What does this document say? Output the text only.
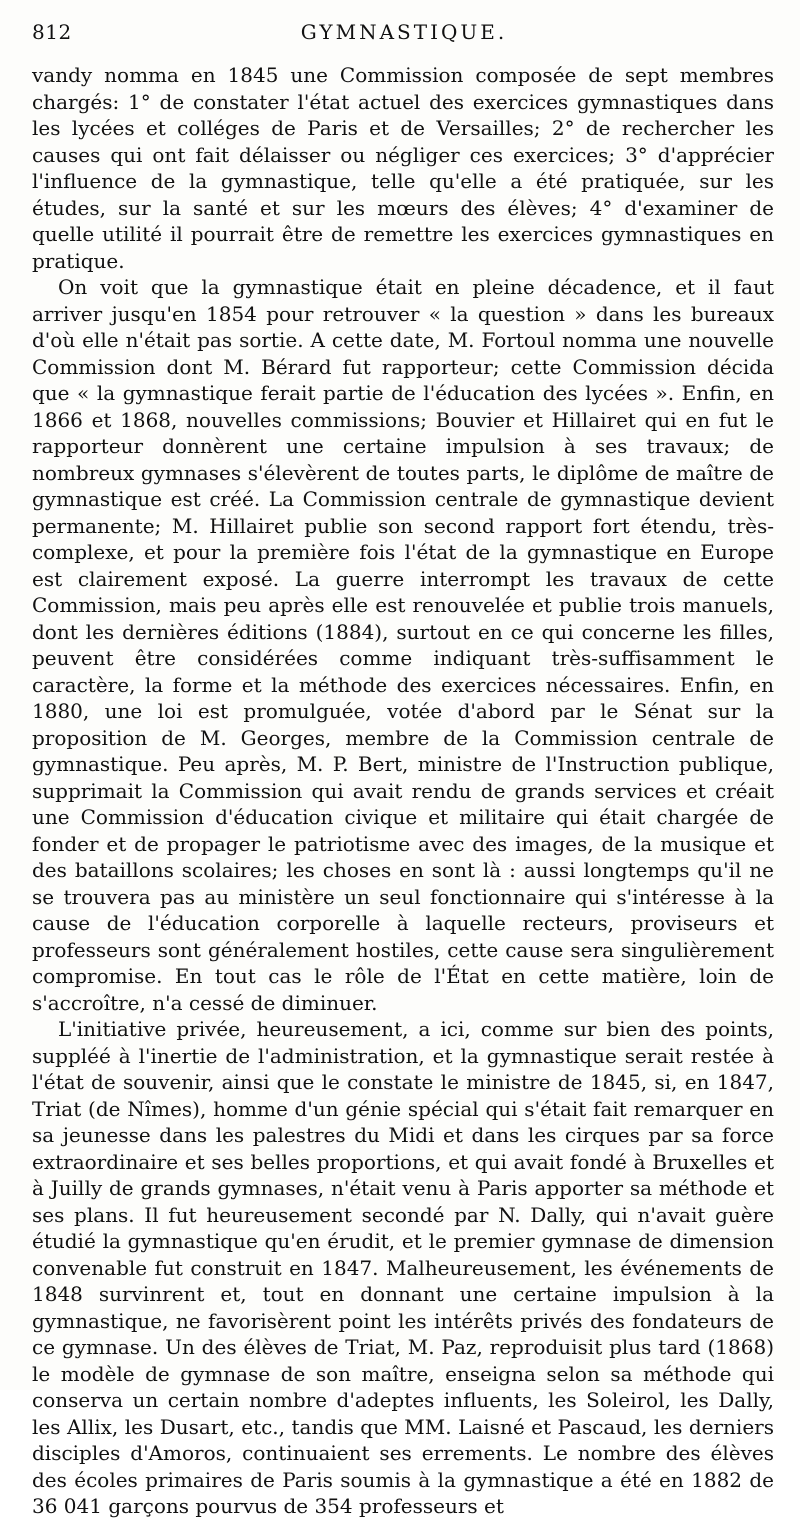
812	GYMNASTIQUE.

vandy nomma en 1845 une Commission composée de sept membres chargés: 1° de constater l'état actuel des exercices gymnastiques dans les lycées et colléges de Paris et de Versailles; 2° de rechercher les causes qui ont fait délaisser ou négliger ces exercices; 3° d'apprécier l'influence de la gymnastique, telle qu'elle a été pratiquée, sur les études, sur la santé et sur les mœurs des élèves; 4° d'examiner de quelle utilité il pourrait être de remettre les exercices gymnastiques en pratique.

On voit que la gymnastique était en pleine décadence, et il faut arriver jusqu'en 1854 pour retrouver « la question » dans les bureaux d'où elle n'était pas sortie. A cette date, M. Fortoul nomma une nouvelle Commission dont M. Bérard fut rapporteur; cette Commission décida que « la gymnastique ferait partie de l'éducation des lycées ». Enfin, en 1866 et 1868, nouvelles commissions; Bouvier et Hillairet qui en fut le rapporteur donnèrent une certaine impulsion à ses travaux; de nombreux gymnases s'élevèrent de toutes parts, le diplôme de maître de gymnastique est créé. La Commission centrale de gymnastique devient permanente; M. Hillairet publie son second rapport fort étendu, très-complexe, et pour la première fois l'état de la gymnastique en Europe est clairement exposé. La guerre interrompt les travaux de cette Commission, mais peu après elle est renouvelée et publie trois manuels, dont les dernières éditions (1884), surtout en ce qui concerne les filles, peuvent être considérées comme indiquant très-suffisamment le caractère, la forme et la méthode des exercices nécessaires. Enfin, en 1880, une loi est promulguée, votée d'abord par le Sénat sur la proposition de M. Georges, membre de la Commission centrale de gymnastique. Peu après, M. P. Bert, ministre de l'Instruction publique, supprimait la Commission qui avait rendu de grands services et créait une Commission d'éducation civique et militaire qui était chargée de fonder et de propager le patriotisme avec des images, de la musique et des bataillons scolaires; les choses en sont là : aussi longtemps qu'il ne se trouvera pas au ministère un seul fonctionnaire qui s'intéresse à la cause de l'éducation corporelle à laquelle recteurs, proviseurs et professeurs sont généralement hostiles, cette cause sera singulièrement compromise. En tout cas le rôle de l'État en cette matière, loin de s'accroître, n'a cessé de diminuer.

L'initiative privée, heureusement, a ici, comme sur bien des points, suppléé à l'inertie de l'administration, et la gymnastique serait restée à l'état de souvenir, ainsi que le constate le ministre de 1845, si, en 1847, Triat (de Nîmes), homme d'un génie spécial qui s'était fait remarquer en sa jeunesse dans les palestres du Midi et dans les cirques par sa force extraordinaire et ses belles proportions, et qui avait fondé à Bruxelles et à Juilly de grands gymnases, n'était venu à Paris apporter sa méthode et ses plans. Il fut heureusement secondé par N. Dally, qui n'avait guère étudié la gymnastique qu'en érudit, et le premier gymnase de dimension convenable fut construit en 1847. Malheureusement, les événements de 1848 survinrent et, tout en donnant une certaine impulsion à la gymnastique, ne favorisèrent point les intérêts privés des fondateurs de ce gymnase. Un des élèves de Triat, M. Paz, reproduisit plus tard (1868) le modèle de gymnase de son maître, enseigna selon sa méthode qui conserva un certain nombre d'adeptes influents, les Soleirol, les Dally, les Allix, les Dusart, etc., tandis que MM. Laisné et Pascaud, les derniers disciples d'Amoros, continuaient ses errements. Le nombre des élèves des écoles primaires de Paris soumis à la gymnastique a été en 1882 de 36 041 garçons pourvus de 354 professeurs et
